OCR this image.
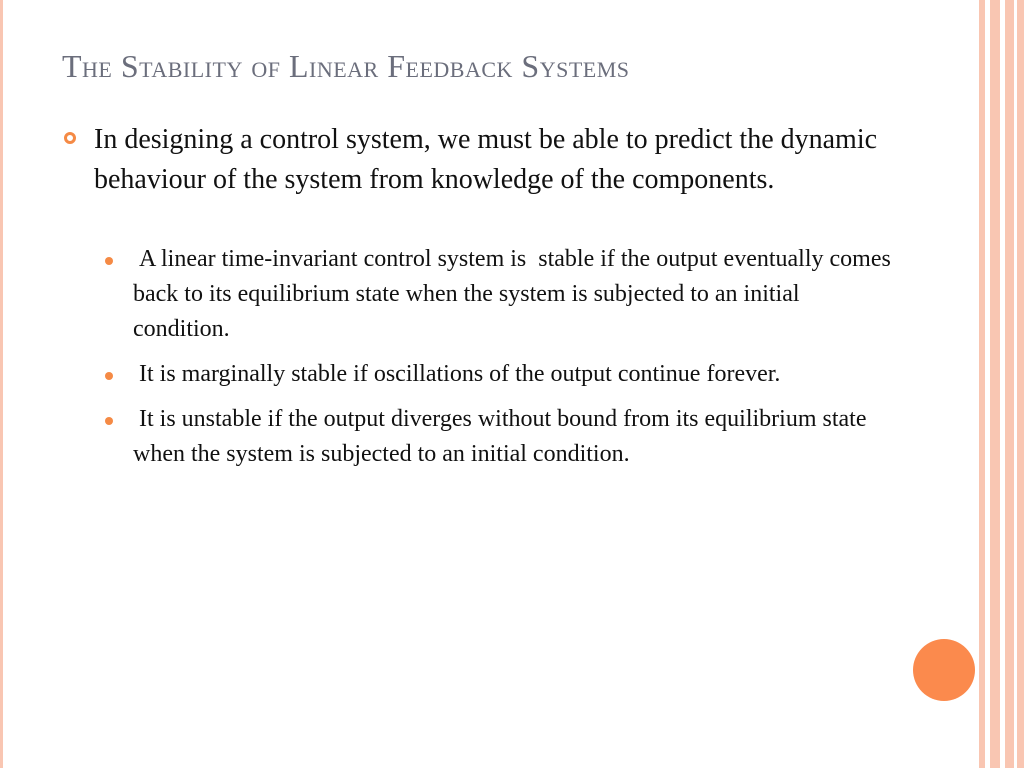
The Stability of Linear Feedback Systems

In designing a control system, we must be able to predict the dynamic behaviour of the system from knowledge of the components.

A linear time-invariant control system is  stable if the output eventually comes back to its equilibrium state when the system is subjected to an initial condition.

It is marginally stable if oscillations of the output continue forever.

It is unstable if the output diverges without bound from its equilibrium state when the system is subjected to an initial condition.
